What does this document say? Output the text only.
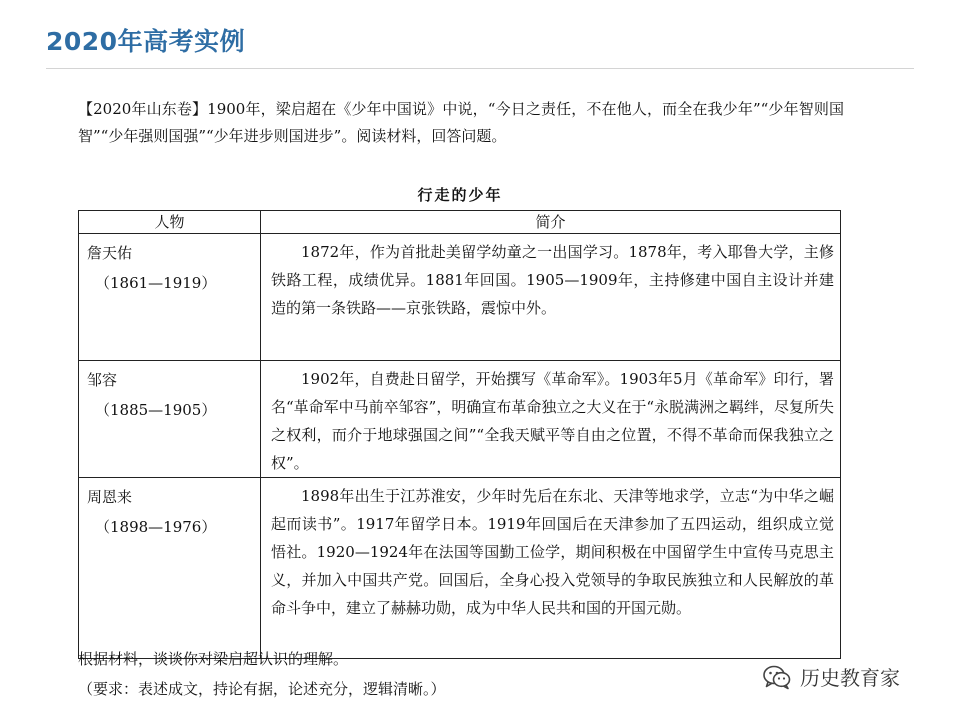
2020年高考实例
【2020年山东卷】1900年，梁启超在《少年中国说》中说，“今日之责任，不在他人，而全在我少年”“少年智则国智”“少年强则国强”“少年进步则国进步”。阅读材料，回答问题。
行走的少年
人物	简介
詹天佑
（1861—1919）	1872年，作为首批赴美留学幼童之一出国学习。1878年，考入耶鲁大学，主修铁路工程，成绩优异。1881年回国。1905—1909年，主持修建中国自主设计并建造的第一条铁路——京张铁路，震惊中外。
邹容
（1885—1905）	1902年，自费赴日留学，开始撰写《革命军》。1903年5月《革命军》印行，署名“革命军中马前卒邹容”，明确宣布革命独立之大义在于“永脱满洲之羁绊，尽复所失之权利，而介于地球强国之间”“全我天赋平等自由之位置，不得不革命而保我独立之权”。
周恩来
（1898—1976）	1898年出生于江苏淮安，少年时先后在东北、天津等地求学，立志“为中华之崛起而读书”。1917年留学日本。1919年回国后在天津参加了五四运动，组织成立觉悟社。1920—1924年在法国等国勤工俭学，期间积极在中国留学生中宣传马克思主义，并加入中国共产党。回国后，全身心投入党领导的争取民族独立和人民解放的革命斗争中，建立了赫赫功勋，成为中华人民共和国的开国元勋。
根据材料，谈谈你对梁启超认识的理解。
（要求：表述成文，持论有据，论述充分，逻辑清晰。）	历史教育家
